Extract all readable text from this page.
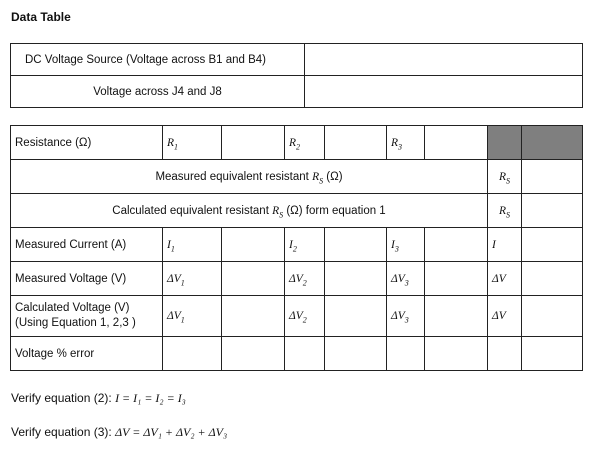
Data Table
DC Voltage Source (Voltage across B1 and B4)	
Voltage across J4 and J8	
Resistance (Ω)	$R_1$		$R_2$		$R_3$			
Measured equivalent resistant $R_S$ (Ω)							$R_S$	
Calculated equivalent resistant $R_S$ (Ω) form equation 1							$R_S$	
Measured Current (A)	$I_1$		$I_2$		$I_3$		I	
Measured Voltage (V)	$\Delta V_1$		$\Delta V_2$		$\Delta V_3$		ΔV	

Calculated Voltage (V)
(Using Equation 1, 2,3 )	$\Delta V_1$		$\Delta V_2$		$\Delta V_3$		ΔV	
Voltage % error								
Verify equation (2): I = I₁ = I₂ = I₃
Verify equation (3): ΔV = ΔV₁ + ΔV₂ + ΔV₃
